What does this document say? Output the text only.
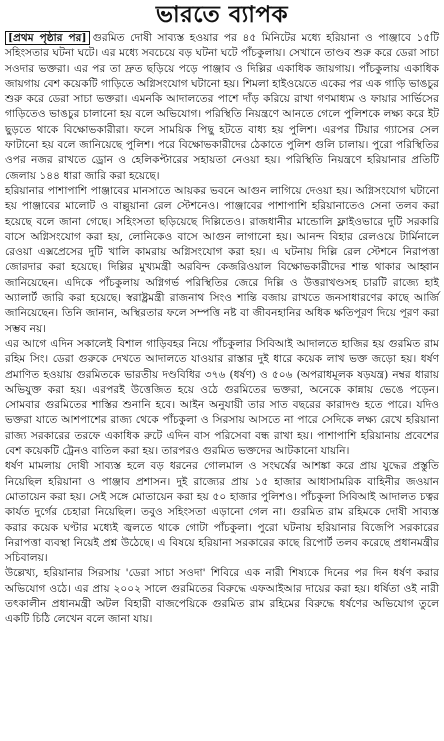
ভারতে ব্যাপক

[প্রথম পৃষ্ঠার পর] গুরমিত দোষী সাব্যস্ত হওয়ার পর ৪৫ মিনিটের মধ্যে হরিয়ানা ও পাঞ্জাবে ১৫টি সহিংসতার ঘটনা ঘটে। এর মধ্যে সবচেয়ে বড় ঘটনা ঘটে পাঁচকুলায়। সেখানে তাণ্ডব শুরু করে ডেরা সাচা সওদার ভক্তরা। এর পর তা দ্রুত ছড়িয়ে পড়ে পাঞ্জাব ও দিল্লির একাধিক জায়গায়। পাঁচকুলায় একাধিক জায়গায় বেশ কয়েকটি গাড়িতে অগ্নিসংযোগ ঘটানো হয়। শিমলা হাইওয়েতে একের পর এক গাড়ি ভাঙচুর শুরু করে ডেরা সাচা ভক্তরা। এমনকি আদালতের পাশে দাঁড় করিয়ে রাখা গণমাধ্যম ও ফায়ার সার্ভিসের গাড়িতেও ভাঙচুর চালানো হয় বলে অভিযোগ। পরিস্থিতি নিয়ন্ত্রণে আনতে গেলে পুলিশকে লক্ষ্য করে ইট ছুড়তে থাকে বিক্ষোভকারীরা। ফলে সাময়িক পিছু হটতে বাধ্য হয় পুলিশ। এরপর টিয়ার গ্যাসের সেল ফাটানো হয় বলে জানিয়েছে পুলিশ। পরে বিক্ষোভকারীদের ঠেকাতে পুলিশ গুলি চালায়। পুরো পরিস্থিতির ওপর নজর রাখতে ড্রোন ও হেলিকপ্টারের সহায়তা নেওয়া হয়। পরিস্থিতি নিয়ন্ত্রণে হরিয়ানার প্রতিটি জেলায় ১৪৪ ধারা জারি করা হয়েছে।

হরিয়ানার পাশাপাশি পাঞ্জাবের মানসাতে আয়কর ভবনে আগুন লাগিয়ে দেওয়া হয়। অগ্নিসংযোগ ঘটানো হয় পাঞ্জাবের মালোট ও বাল্লুয়ানা রেল স্টেশনেও। পাঞ্জাবের পাশাপাশি হরিয়ানাতেও সেনা তলব করা হয়েছে বলে জানা গেছে। সহিংসতা ছড়িয়েছে দিল্লিতেও। রাজধানীর মান্ডোলি ফ্লাইওভারে দুটি সরকারি বাসে অগ্নিসংযোগ করা হয়, লোনিকেও বাসে আগুন লাগানো হয়। আনন্দ বিহার রেলওয়ে টার্মিনালে রেওয়া এক্সপ্রেসের দুটি খালি কামরায় অগ্নিসংযোগ করা হয়। এ ঘটনায় দিল্লি রেল স্টেশনে নিরাপত্তা জোরদার করা হয়েছে। দিল্লির মুখ্যমন্ত্রী অরবিন্দ কেজরিওয়াল বিক্ষোভকারীদের শান্ত থাকার আহ্বান জানিয়েছেন। এদিকে পাঁচকুলায় অগ্নিগর্ভ পরিস্থিতির জেরে দিল্লি ও উত্তরাখণ্ডসহ চারটি রাজ্যে হাই অ্যালার্ট জারি করা হয়েছে। স্বরাষ্ট্রমন্ত্রী রাজনাথ সিংও শান্তি বজায় রাখতে জনসাধারণের কাছে আর্জি জানিয়েছেন। তিনি জানান, অস্থিরতার ফলে সম্পত্তি নষ্ট বা জীবনহানির অধিক ক্ষতিপূরণ দিয়ে পূরণ করা সম্ভব নয়।

এর আগে এদিন সকালেই বিশাল গাড়িবহর নিয়ে পাঁচকুলার সিবিআই আদালতে হাজির হয় গুরমিত রাম রহিম সিং। ডেরা গুরুকে দেখতে আদালতে যাওয়ার রাস্তার দুই ধারে কয়েক লাখ ভক্ত জড়ো হয়। ধর্ষণ প্রমাণিত হওয়ায় গুরমিতকে ভারতীয় দণ্ডবিধির ৩৭৬ (ধর্ষণ) ও ৫০৬ (অপরাধমূলক ষড়যন্ত্র) নম্বর ধারায় অভিযুক্ত করা হয়। এরপরই উত্তেজিত হয়ে ওঠে গুরমিতের ভক্তরা, অনেকে কান্নায় ভেঙে পড়েন। সোমবার গুরমিতের শাস্তির শুনানি হবে। আইন অনুযায়ী তার সাত বছরের কারাদণ্ড হতে পারে। যদিও ভক্তরা যাতে আশপাশের রাজ্য থেকে পাঁচকুলা ও সিরসায় আসতে না পারে সেদিকে লক্ষ্য রেখে হরিয়ানা রাজ্য সরকারের তরফে একাধিক রুটে এদিন বাস পরিসেবা বন্ধ রাখা হয়। পাশাপাশি হরিয়ানায় প্রবেশের বেশ কয়েকটি ট্রেনও বাতিল করা হয়। তারপরও গুরমিত ভক্তদের আটকানো যায়নি।

ধর্ষণ মামলায় দোষী সাব্যস্ত হলে বড় ধরনের গোলমাল ও সংঘর্ষের আশঙ্কা করে প্রায় যুদ্ধের প্রস্তুতি নিয়েছিল হরিয়ানা ও পাঞ্জাব প্রশাসন। দুই রাজ্যের প্রায় ১৫ হাজার আধাসামরিক বাহিনীর জওয়ান মোতায়েন করা হয়। সেই সঙ্গে মোতায়েন করা হয় ৫০ হাজার পুলিশও। পাঁচকুলা সিবিআই আদালত চত্বর কার্যত দুর্গের চেহারা নিয়েছিল। তবুও সহিংসতা এড়ানো গেল না। গুরমিত রাম রহিমকে দোষী সাব্যস্ত করার কয়েক ঘণ্টার মধ্যেই জ্বলতে থাকে গোটা পাঁচকুলা। পুরো ঘটনায় হরিয়ানার বিজেপি সরকারের নিরাপত্তা ব্যবস্থা নিয়েই প্রশ্ন উঠেছে। এ বিষয়ে হরিয়ানা সরকারের কাছে রিপোর্ট তলব করেছে প্রধানমন্ত্রীর সচিবালয়।

উল্লেখ্য, হরিয়ানার সিরসায় 'ডেরা সাচা সওদা' শিবিরে এক নারী শিষ্যকে দিনের পর দিন ধর্ষণ করার অভিযোগ ওঠে। এর প্রায় ২০০২ সালে গুরমিতের বিরুদ্ধে এফআইআর দায়ের করা হয়। ধর্ষিতা ওই নারী তৎকালীন প্রধানমন্ত্রী অটল বিহারী বাজপেয়িকে গুরমিত রাম রহিমের বিরুদ্ধে ধর্ষণের অভিযোগ তুলে একটি চিঠি লেখেন বলে জানা যায়।
